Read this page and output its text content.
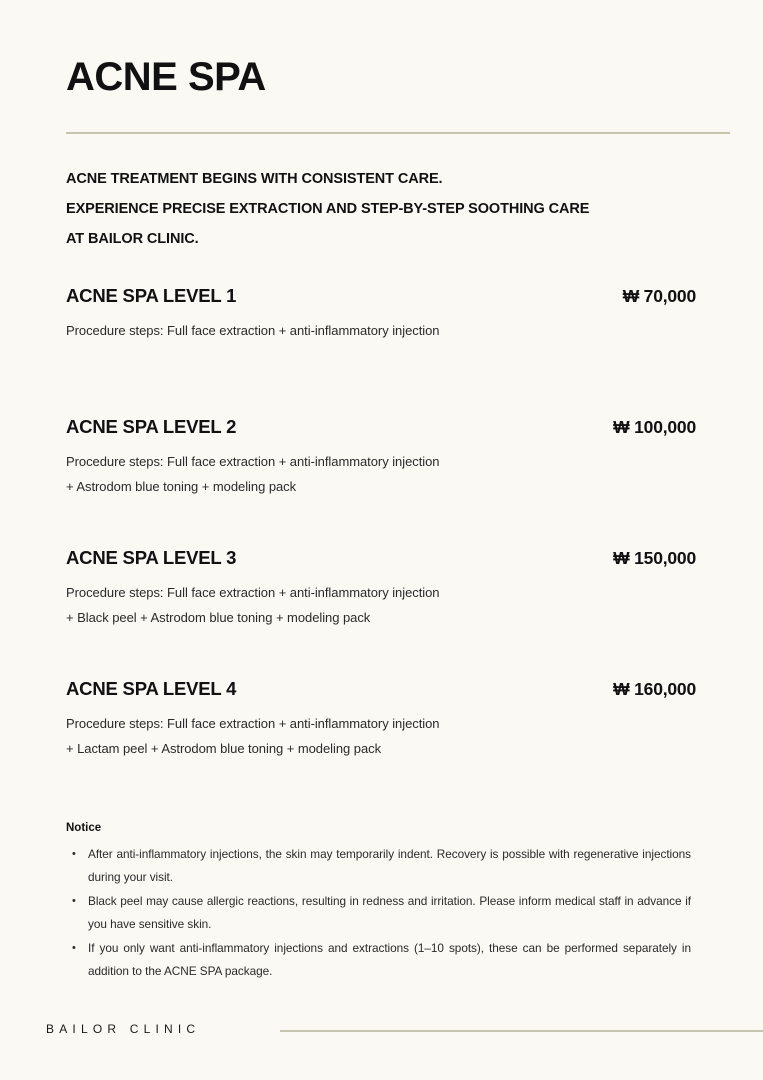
ACNE SPA
ACNE TREATMENT BEGINS WITH CONSISTENT CARE.
EXPERIENCE PRECISE EXTRACTION AND STEP-BY-STEP SOOTHING CARE
AT BAILOR CLINIC.
ACNE SPA LEVEL 1	₩ 70,000
Procedure steps: Full face extraction + anti-inflammatory injection
ACNE SPA LEVEL 2	₩ 100,000
Procedure steps: Full face extraction + anti-inflammatory injection
+ Astrodom blue toning + modeling pack
ACNE SPA LEVEL 3	₩ 150,000
Procedure steps: Full face extraction + anti-inflammatory injection
+ Black peel + Astrodom blue toning + modeling pack
ACNE SPA LEVEL 4	₩ 160,000
Procedure steps: Full face extraction + anti-inflammatory injection
+ Lactam peel + Astrodom blue toning + modeling pack
Notice
• After anti-inflammatory injections, the skin may temporarily indent. Recovery is possible with regenerative injections during your visit.
• Black peel may cause allergic reactions, resulting in redness and irritation. Please inform medical staff in advance if you have sensitive skin.
• If you only want anti-inflammatory injections and extractions (1–10 spots), these can be performed separately in addition to the ACNE SPA package.
BAILOR CLINIC
